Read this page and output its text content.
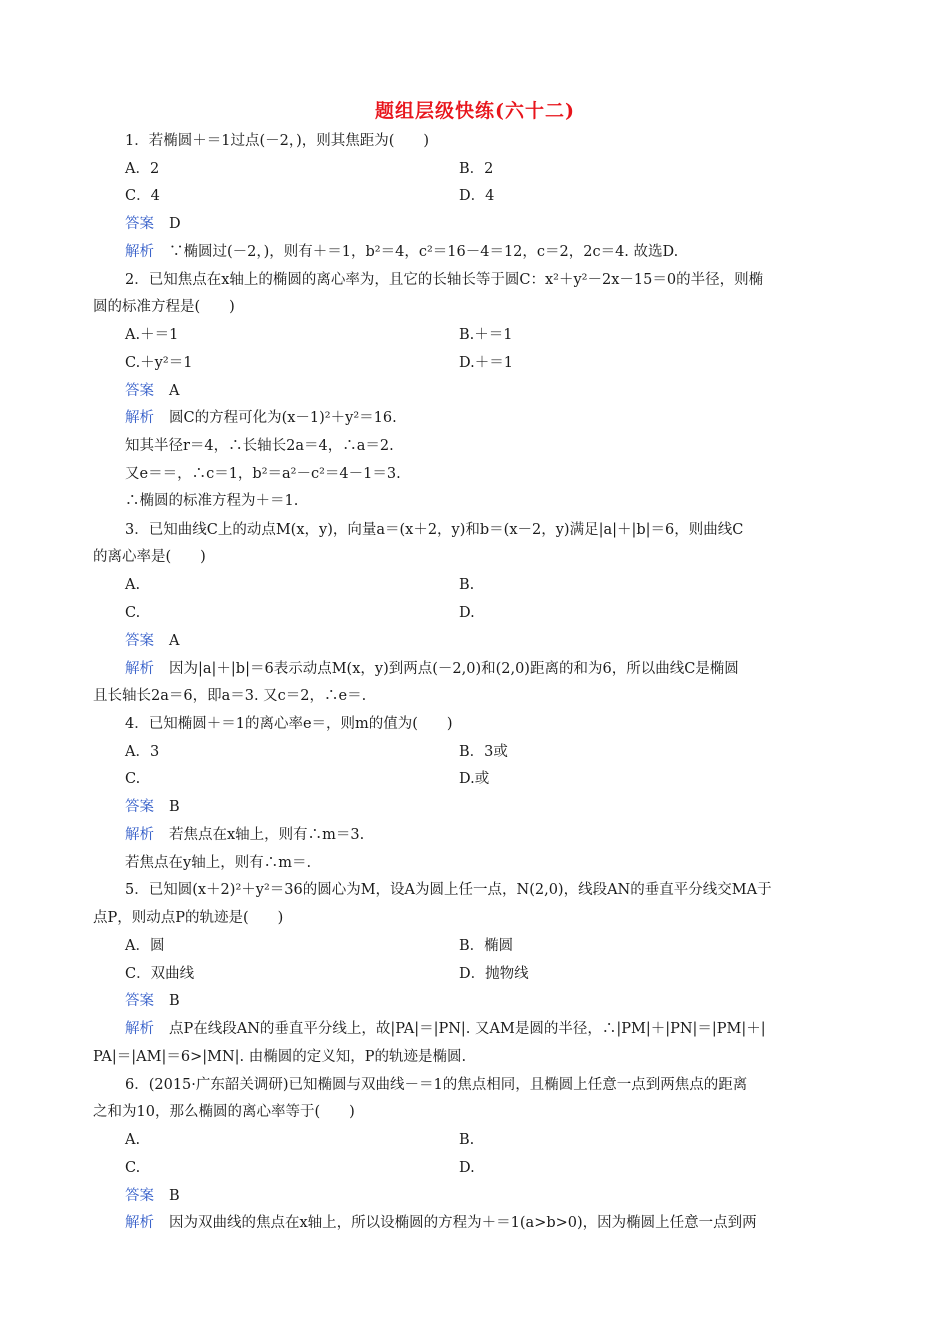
题组层级快练(六十二)
1．若椭圆＋＝1过点(－2，)，则其焦距为(　　)
A．2	B．2
C．4	D．4
答案 D
解析 ∵椭圆过(－2，)，则有＋＝1，b²＝4，c²＝16－4＝12，c＝2，2c＝4. 故选D.
2．已知焦点在x轴上的椭圆的离心率为，且它的长轴长等于圆C：x²＋y²－2x－15＝0的半径，则椭
圆的标准方程是(　　)
A.＋＝1	B.＋＝1
C.＋y²＝1	D.＋＝1
答案 A
解析 圆C的方程可化为(x－1)²＋y²＝16.
知其半径r＝4，∴长轴长2a＝4，∴a＝2.
又e＝＝，∴c＝1，b²＝a²－c²＝4－1＝3.
∴椭圆的标准方程为＋＝1.
3．已知曲线C上的动点M(x，y)，向量a＝(x＋2，y)和b＝(x－2，y)满足|a|＋|b|＝6，则曲线C
的离心率是(　　)
A.	B.
C.	D.
答案 A
解析 因为|a|＋|b|＝6表示动点M(x，y)到两点(－2,0)和(2,0)距离的和为6，所以曲线C是椭圆
且长轴长2a＝6，即a＝3. 又c＝2，∴e＝.
4．已知椭圆＋＝1的离心率e＝，则m的值为(　　)
A．3	B．3或
C.	D.或
答案 B
解析 若焦点在x轴上，则有∴m＝3.
若焦点在y轴上，则有∴m＝.
5．已知圆(x＋2)²＋y²＝36的圆心为M，设A为圆上任一点，N(2,0)，线段AN的垂直平分线交MA于
点P，则动点P的轨迹是(　　)
A．圆	B．椭圆
C．双曲线	D．抛物线
答案 B
解析 点P在线段AN的垂直平分线上，故|PA|＝|PN|. 又AM是圆的半径，∴|PM|＋|PN|＝|PM|＋|
PA|＝|AM|＝6>|MN|. 由椭圆的定义知，P的轨迹是椭圆.
6．(2015·广东韶关调研)已知椭圆与双曲线－＝1的焦点相同，且椭圆上任意一点到两焦点的距离
之和为10，那么椭圆的离心率等于(　　)
A.	B.
C.	D.
答案 B
解析 因为双曲线的焦点在x轴上，所以设椭圆的方程为＋＝1(a>b>0)，因为椭圆上任意一点到两
